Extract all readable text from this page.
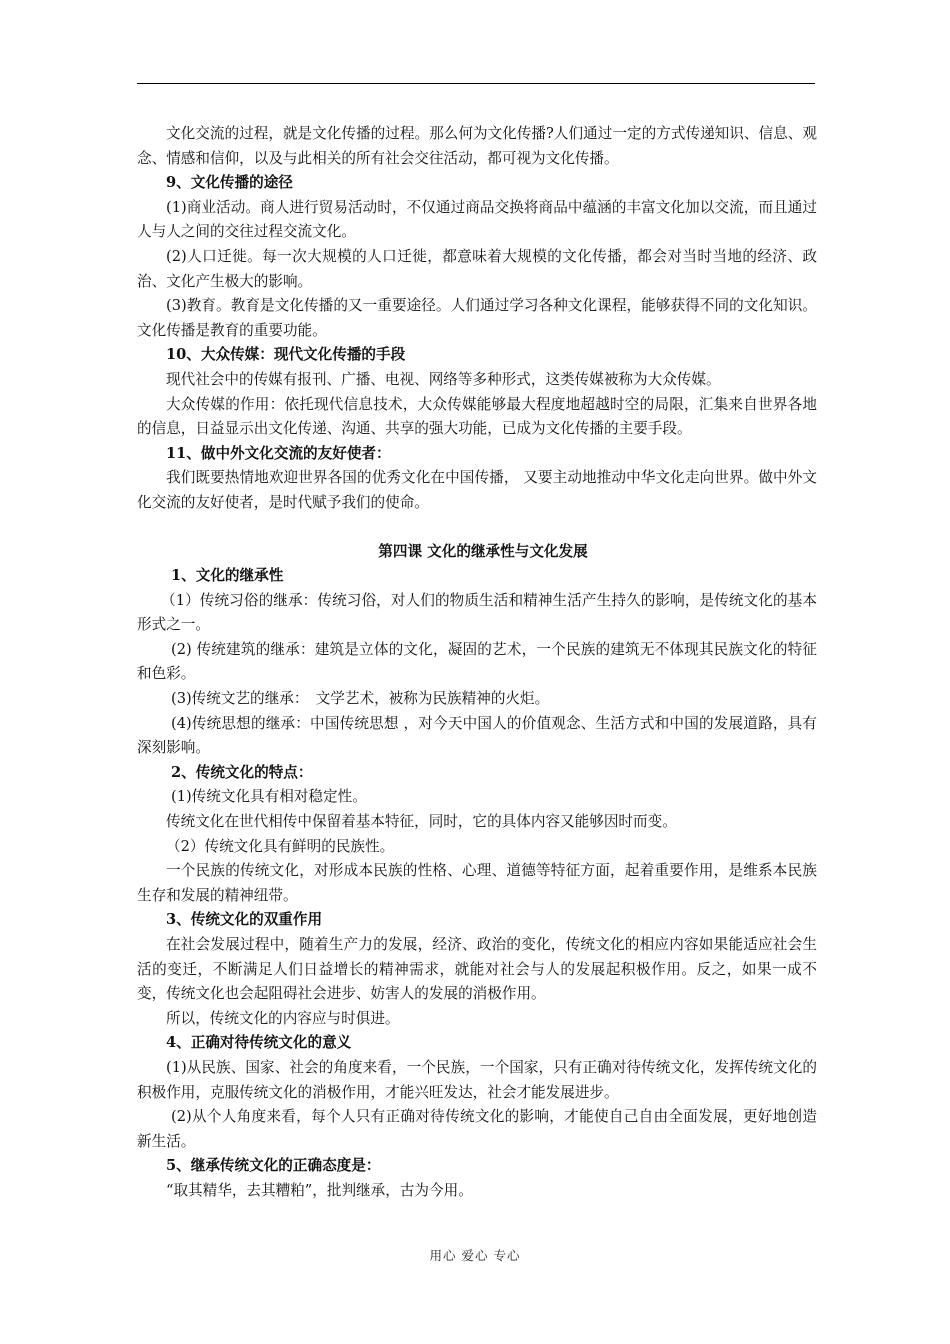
文化交流的过程，就是文化传播的过程。那么何为文化传播?人们通过一定的方式传递知识、信息、观念、情感和信仰，以及与此相关的所有社会交往活动，都可视为文化传播。

9、文化传播的途径

(1)商业活动。商人进行贸易活动时，不仅通过商品交换将商品中蕴涵的丰富文化加以交流，而且通过人与人之间的交往过程交流文化。

(2)人口迁徙。每一次大规模的人口迁徙，都意味着大规模的文化传播，都会对当时当地的经济、政治、文化产生极大的影响。

(3)教育。教育是文化传播的又一重要途径。人们通过学习各种文化课程，能够获得不同的文化知识。文化传播是教育的重要功能。

10、大众传媒：现代文化传播的手段

现代社会中的传媒有报刊、广播、电视、网络等多种形式，这类传媒被称为大众传媒。

大众传媒的作用：依托现代信息技术，大众传媒能够最大程度地超越时空的局限，汇集来自世界各地的信息，日益显示出文化传递、沟通、共享的强大功能，已成为文化传播的主要手段。

11、做中外文化交流的友好使者：

我们既要热情地欢迎世界各国的优秀文化在中国传播， 又要主动地推动中华文化走向世界。做中外文化交流的友好使者，是时代赋予我们的使命。

第四课 文化的继承性与文化发展

1、文化的继承性

（1）传统习俗的继承：传统习俗，对人们的物质生活和精神生活产生持久的影响，是传统文化的基本形式之一。

(2) 传统建筑的继承：建筑是立体的文化，凝固的艺术，一个民族的建筑无不体现其民族文化的特征和色彩。

(3)传统文艺的继承：　文学艺术，被称为民族精神的火炬。

(4)传统思想的继承：中国传统思想 ，对今天中国人的价值观念、生活方式和中国的发展道路，具有深刻影响。

2、传统文化的特点：

(1)传统文化具有相对稳定性。

传统文化在世代相传中保留着基本特征，同时，它的具体内容又能够因时而变。

（2）传统文化具有鲜明的民族性。

一个民族的传统文化，对形成本民族的性格、心理、道德等特征方面，起着重要作用，是维系本民族生存和发展的精神纽带。

3、传统文化的双重作用

在社会发展过程中，随着生产力的发展，经济、政治的变化，传统文化的相应内容如果能适应社会生活的变迁，不断满足人们日益增长的精神需求，就能对社会与人的发展起积极作用。反之，如果一成不变，传统文化也会起阻碍社会进步、妨害人的发展的消极作用。

所以，传统文化的内容应与时俱进。

4、正确对待传统文化的意义

(1)从民族、国家、社会的角度来看，一个民族，一个国家，只有正确对待传统文化，发挥传统文化的积极作用，克服传统文化的消极作用，才能兴旺发达，社会才能发展进步。

(2)从个人角度来看，每个人只有正确对待传统文化的影响，才能使自己自由全面发展，更好地创造新生活。

5、继承传统文化的正确态度是：

“取其精华，去其糟粕”，批判继承，古为今用。

用心 爱心 专心
